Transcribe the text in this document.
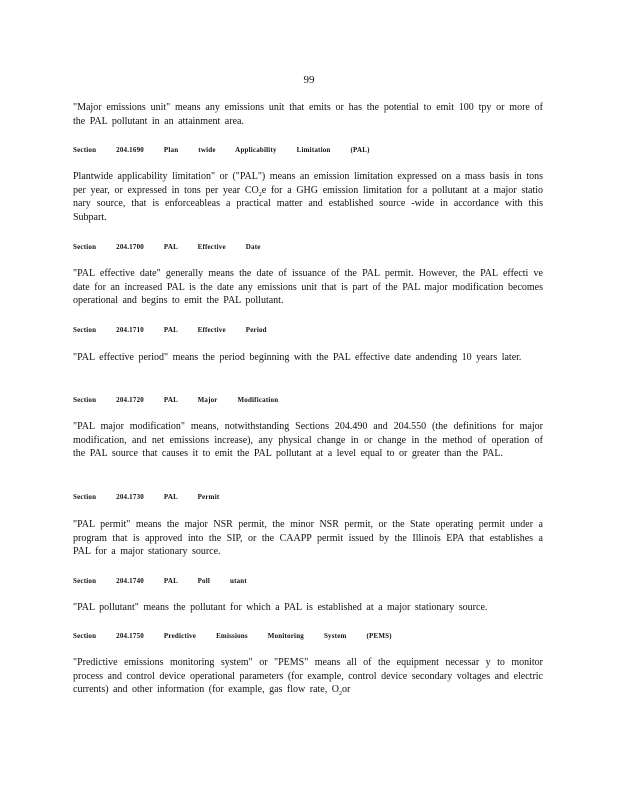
99

"Major emissions unit" means any emissions unit that emits or has the potential to emit 100 tpy or more of the PAL pollutant in an attainment area.

Section 204.1690 Plan twide Applicability Limitation (PAL)

Plantwide applicability limitation" or ("PAL") means an emission limitation expressed on a mass basis in tons per year, or expressed in tons per year $CO_2e$ for a GHG emission limitation for a pollutant at a major statio nary source, that is enforceableas a practical matter and established source -wide in accordance with this Subpart.

Section 204.1700 PAL Effective Date

"PAL effective date" generally means the date of issuance of the PAL permit. However, the PAL effecti ve date for an increased PAL is the date any emissions unit that is part of the PAL major modification becomes operational and begins to emit the PAL pollutant.

Section 204.1710 PAL Effective Period

"PAL effective period" means the period beginning with the PAL effective date andending 10 years later.

Section 204.1720 PAL Major Modification

"PAL major modification" means, notwithstanding Sections 204.490 and 204.550 (the definitions for major modification, and net emissions increase), any physical change in or change in the method of operation of the PAL source that causes it to emit the PAL pollutant at a level equal to or greater than the PAL.

Section 204.1730 PAL Permit

"PAL permit" means the major NSR permit, the minor NSR permit, or the State operating permit under a program that is approved into the SIP, or the CAAPP permit issued by the Illinois EPA that establishes a PAL for a major stationary source.

Section 204.1740 PAL Poll utant

"PAL pollutant" means the pollutant for which a PAL is established at a major stationary source.

Section 204.1750 Predictive Emissions Monitoring System (PEMS)

"Predictive emissions monitoring system" or "PEMS" means all of the equipment necessar y to monitor process and control device operational parameters (for example, control device secondary voltages and electric currents) and other information (for example, gas flow rate, $O_2or$
